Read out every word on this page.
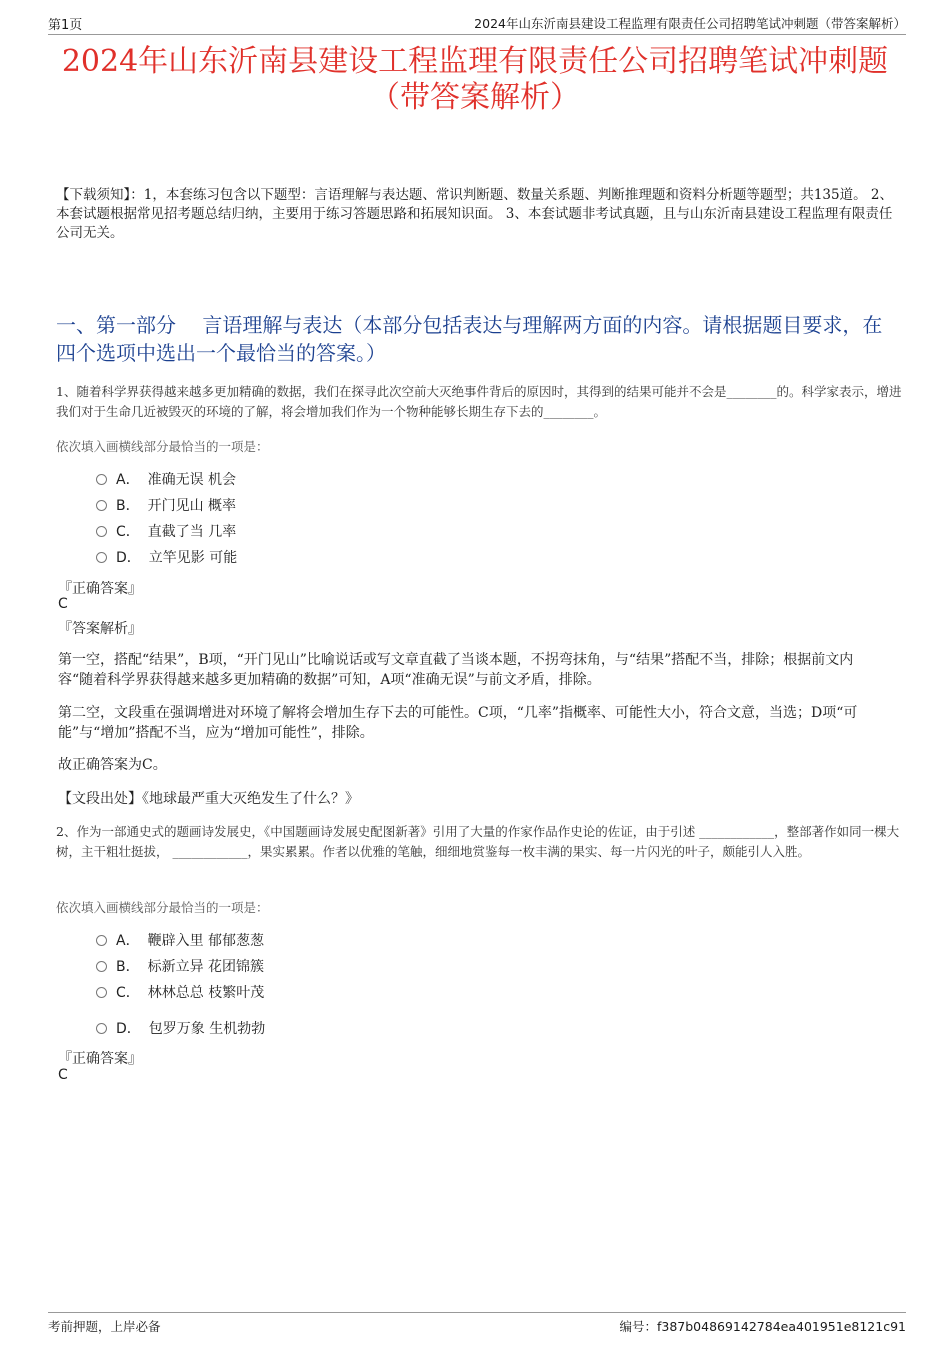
第1页	2024年山东沂南县建设工程监理有限责任公司招聘笔试冲刺题（带答案解析）
2024年山东沂南县建设工程监理有限责任公司招聘笔试冲刺题
（带答案解析）
【下载须知】：1，本套练习包含以下题型：言语理解与表达题、常识判断题、数量关系题、判断推理题和资料分析题等题型；共135道。 2、本套试题根据常见招考题总结归纳，主要用于练习答题思路和拓展知识面。 3、本套试题非考试真题，且与山东沂南县建设工程监理有限责任公司无关。
一、第一部分　 言语理解与表达（本部分包括表达与理解两方面的内容。请根据题目要求，在四个选项中选出一个最恰当的答案。）
1、随着科学界获得越来越多更加精确的数据，我们在探寻此次空前大灭绝事件背后的原因时，其得到的结果可能并不会是________的。科学家表示，增进我们对于生命几近被毁灭的环境的了解，将会增加我们作为一个物种能够长期生存下去的________。
依次填入画横线部分最恰当的一项是：
A． 准确无误 机会
B． 开门见山 概率
C． 直截了当 几率
D． 立竿见影 可能
『正确答案』
C
『答案解析』
第一空，搭配“结果”，B项，“开门见山”比喻说话或写文章直截了当谈本题，不拐弯抹角，与“结果”搭配不当，排除；根据前文内容“随着科学界获得越来越多更加精确的数据”可知，A项“准确无误”与前文矛盾，排除。
第二空，文段重在强调增进对环境了解将会增加生存下去的可能性。C项，“几率”指概率、可能性大小，符合文意，当选；D项“可能”与“增加”搭配不当，应为“增加可能性”，排除。
故正确答案为C。
【文段出处】《地球最严重大灭绝发生了什么？》
2、作为一部通史式的题画诗发展史，《中国题画诗发展史配图新著》引用了大量的作家作品作史论的佐证，由于引述 ____________，整部著作如同一棵大树，主干粗壮挺拔， ____________，果实累累。作者以优雅的笔触，细细地赏鉴每一枚丰满的果实、每一片闪光的叶子，颇能引人入胜。
依次填入画横线部分最恰当的一项是：
A． 鞭辟入里 郁郁葱葱
B． 标新立异 花团锦簇
C． 林林总总 枝繁叶茂
D． 包罗万象 生机勃勃
『正确答案』
C
考前押题，上岸必备	编号：f387b04869142784ea401951e8121c91
